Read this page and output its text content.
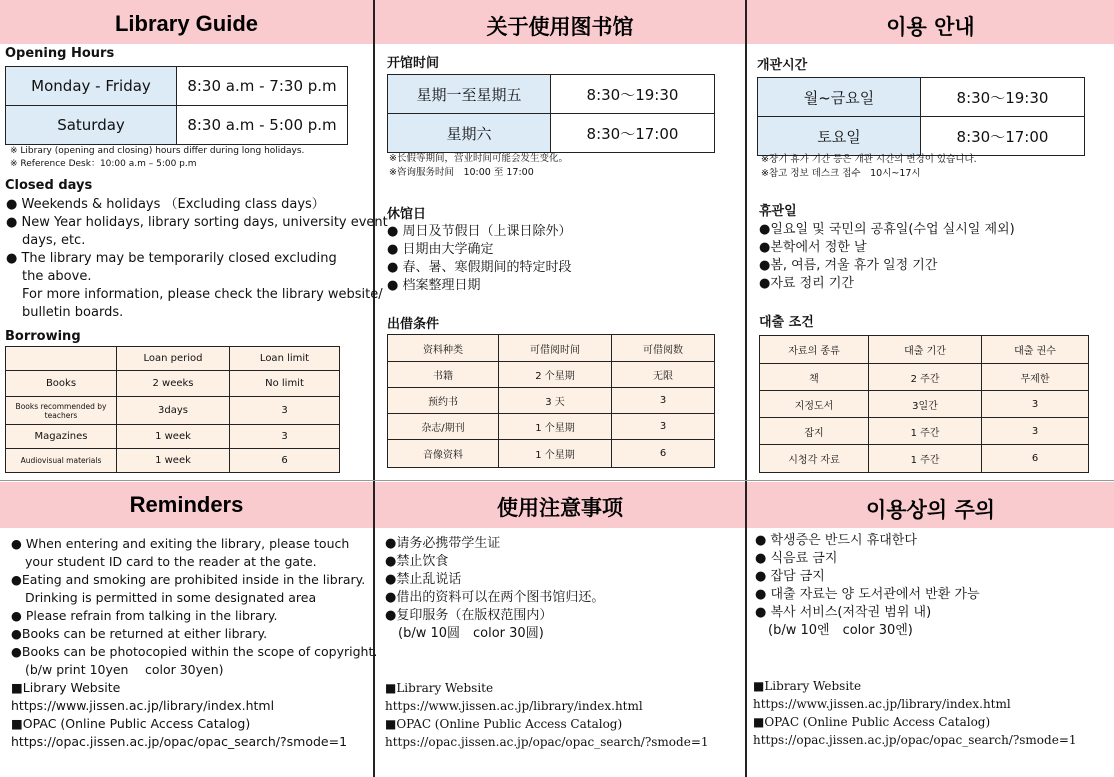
Library Guide
Opening Hours
Monday - Friday	8:30 a.m - 7:30 p.m
Saturday	8:30 a.m - 5:00 p.m
※ Library (opening and closing) hours differ during long holidays.
※ Reference Desk：10:00 a.m – 5:00 p.m
Closed days
● Weekends & holidays （Excluding class days）
● New Year holidays, library sorting days, university event
days, etc.
● The library may be temporarily closed excluding
the above.
For more information, please check the library website/
bulletin boards.
Borrowing
	Loan period	Loan limit
Books	2 weeks	No limit
Books recommended by teachers	3days	3
Magazines	1 week	3
Audiovisual materials	1 week	6
Reminders
● When entering and exiting the library, please touch
your student ID card to the reader at the gate.
●Eating and smoking are prohibited inside in the library.
Drinking is permitted in some designated area
● Please refrain from talking in the library.
●Books can be returned at either library.
●Books can be photocopied within the scope of copyright.
(b/w print 10yen　 color 30yen)
■Library Website
https://www.jissen.ac.jp/library/index.html
■OPAC (Online Public Access Catalog)
https://opac.jissen.ac.jp/opac/opac_search/?smode=1
关于使用图书馆
开馆时间
星期一至星期五	8:30〜19:30
星期六	8:30〜17:00
※长假等期间，营业时间可能会发生变化。
※咨询服务时间　10:00 至 17:00
休馆日
● 周日及节假日（上课日除外）
● 日期由大学确定
● 春、暑、寒假期间的特定时段
● 档案整理日期
出借条件
资料种类	可借阅时间	可借阅数
书籍	2 个星期	无限
预约书	3 天	3
杂志/期刊	1 个星期	3
音像资料	1 个星期	6
使用注意事项
●请务必携带学生证
●禁止饮食
●禁止乱说话
●借出的资料可以在两个图书馆归还。
●复印服务（在版权范围内）
　(b/w 10圆　color 30圆)
■Library Website
https://www.jissen.ac.jp/library/index.html
■OPAC (Online Public Access Catalog)
https://opac.jissen.ac.jp/opac/opac_search/?smode=1
이용 안내
개관시간
월~금요일	8:30〜19:30
토요일	8:30〜17:00
※장기 휴가 기간 등은 개관 시간의 변경이 있습니다.
※참고 정보 데스크 접수　10시~17시
휴관일
●일요일 및 국민의 공휴일(수업 실시일 제외)
●본학에서 정한 날
●봄, 여름, 겨울 휴가 일정 기간
●자료 정리 기간
대출 조건
자료의 종류	대출 기간	대출 권수
책	2 주간	무제한
지정도서	3일간	3
잡지	1 주간	3
시청각 자료	1 주간	6
이용상의 주의
● 학생증은 반드시 휴대한다
● 식음료 금지
● 잡담 금지
● 대출 자료는 양 도서관에서 반환 가능
● 복사 서비스(저작권 범위 내)
　(b/w 10엔　color 30엔)
■Library Website
https://www.jissen.ac.jp/library/index.html
■OPAC (Online Public Access Catalog)
https://opac.jissen.ac.jp/opac/opac_search/?smode=1
